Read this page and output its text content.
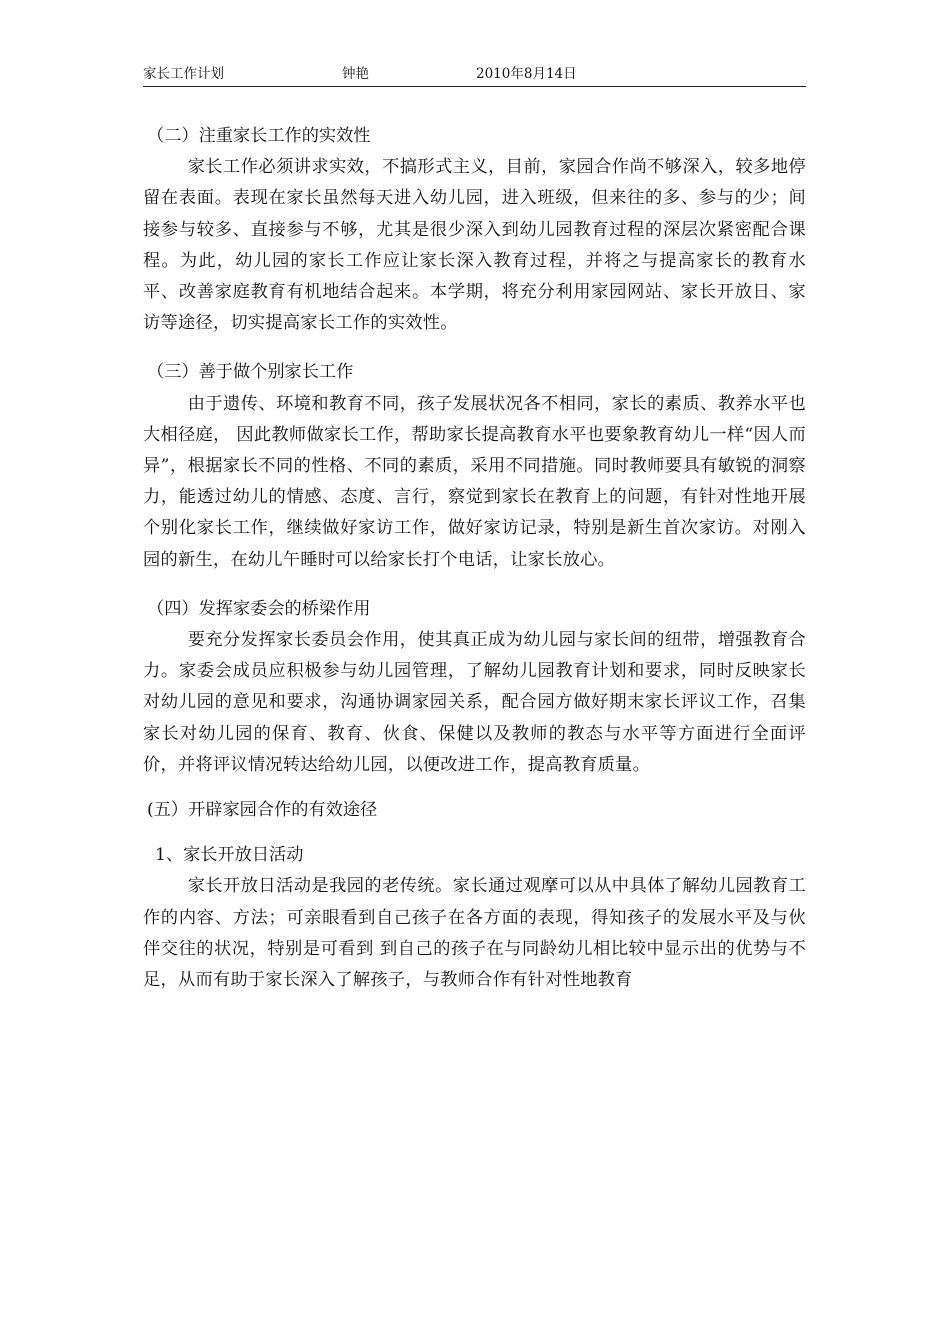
家长工作计划	钟艳	2010年8月14日

（二）注重家长工作的实效性

家长工作必须讲求实效，不搞形式主义，目前，家园合作尚不够深入，较多地停留在表面。表现在家长虽然每天进入幼儿园，进入班级，但来往的多、参与的少；间接参与较多、直接参与不够，尤其是很少深入到幼儿园教育过程的深层次紧密配合课程。为此，幼儿园的家长工作应让家长深入教育过程，并将之与提高家长的教育水平、改善家庭教育有机地结合起来。本学期，将充分利用家园网站、家长开放日、家访等途径，切实提高家长工作的实效性。

（三）善于做个别家长工作

由于遗传、环境和教育不同，孩子发展状况各不相同，家长的素质、教养水平也大相径庭， 因此教师做家长工作，帮助家长提高教育水平也要象教育幼儿一样“因人而异”，根据家长不同的性格、不同的素质，采用不同措施。同时教师要具有敏锐的洞察力，能透过幼儿的情感、态度、言行，察觉到家长在教育上的问题，有针对性地开展个别化家长工作，继续做好家访工作，做好家访记录，特别是新生首次家访。对刚入园的新生，在幼儿午睡时可以给家长打个电话，让家长放心。

（四）发挥家委会的桥梁作用

要充分发挥家长委员会作用，使其真正成为幼儿园与家长间的纽带，增强教育合力。家委会成员应积极参与幼儿园管理，了解幼儿园教育计划和要求，同时反映家长对幼儿园的意见和要求，沟通协调家园关系，配合园方做好期末家长评议工作，召集家长对幼儿园的保育、教育、伙食、保健以及教师的教态与水平等方面进行全面评价，并将评议情况转达给幼儿园，以便改进工作，提高教育质量。

(五）开辟家园合作的有效途径

1、家长开放日活动

家长开放日活动是我园的老传统。家长通过观摩可以从中具体了解幼儿园教育工作的内容、方法；可亲眼看到自己孩子在各方面的表现，得知孩子的发展水平及与伙伴交往的状况，特别是可看到 到自己的孩子在与同龄幼儿相比较中显示出的优势与不足，从而有助于家长深入了解孩子，与教师合作有针对性地教育
